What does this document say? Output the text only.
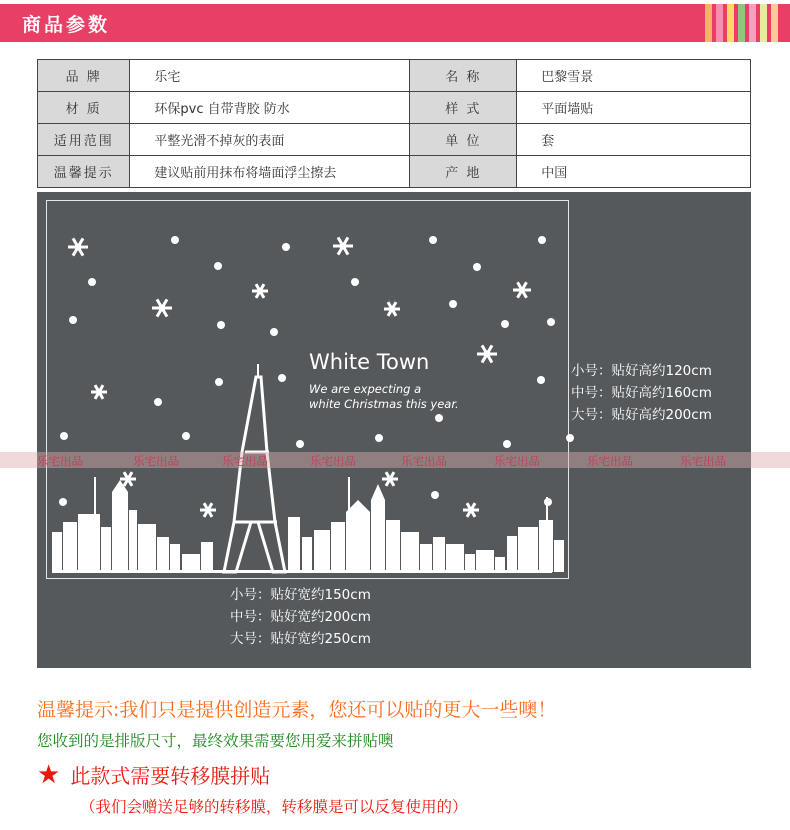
商品参数
品 牌	乐宅	名 称	巴黎雪景
材 质	环保pvc 自带背胶 防水	样 式	平面墙贴
适用范围	平整光滑不掉灰的表面	单 位	套
温馨提示	建议贴前用抹布将墙面浮尘擦去	产 地	中国
White Town
We are expecting a
white Christmas this year.
小号：贴好高约120cm
中号：贴好高约160cm
大号：贴好高约200cm
小号：贴好宽约150cm
中号：贴好宽约200cm
大号：贴好宽约250cm
乐宅出品	乐宅出品	乐宅出品	乐宅出品	乐宅出品	乐宅出品	乐宅出品	乐宅出品
温馨提示:我们只是提供创造元素，您还可以贴的更大一些噢！
您收到的是排版尺寸，最终效果需要您用爱来拼贴噢
★ 此款式需要转移膜拼贴
（我们会赠送足够的转移膜，转移膜是可以反复使用的）
